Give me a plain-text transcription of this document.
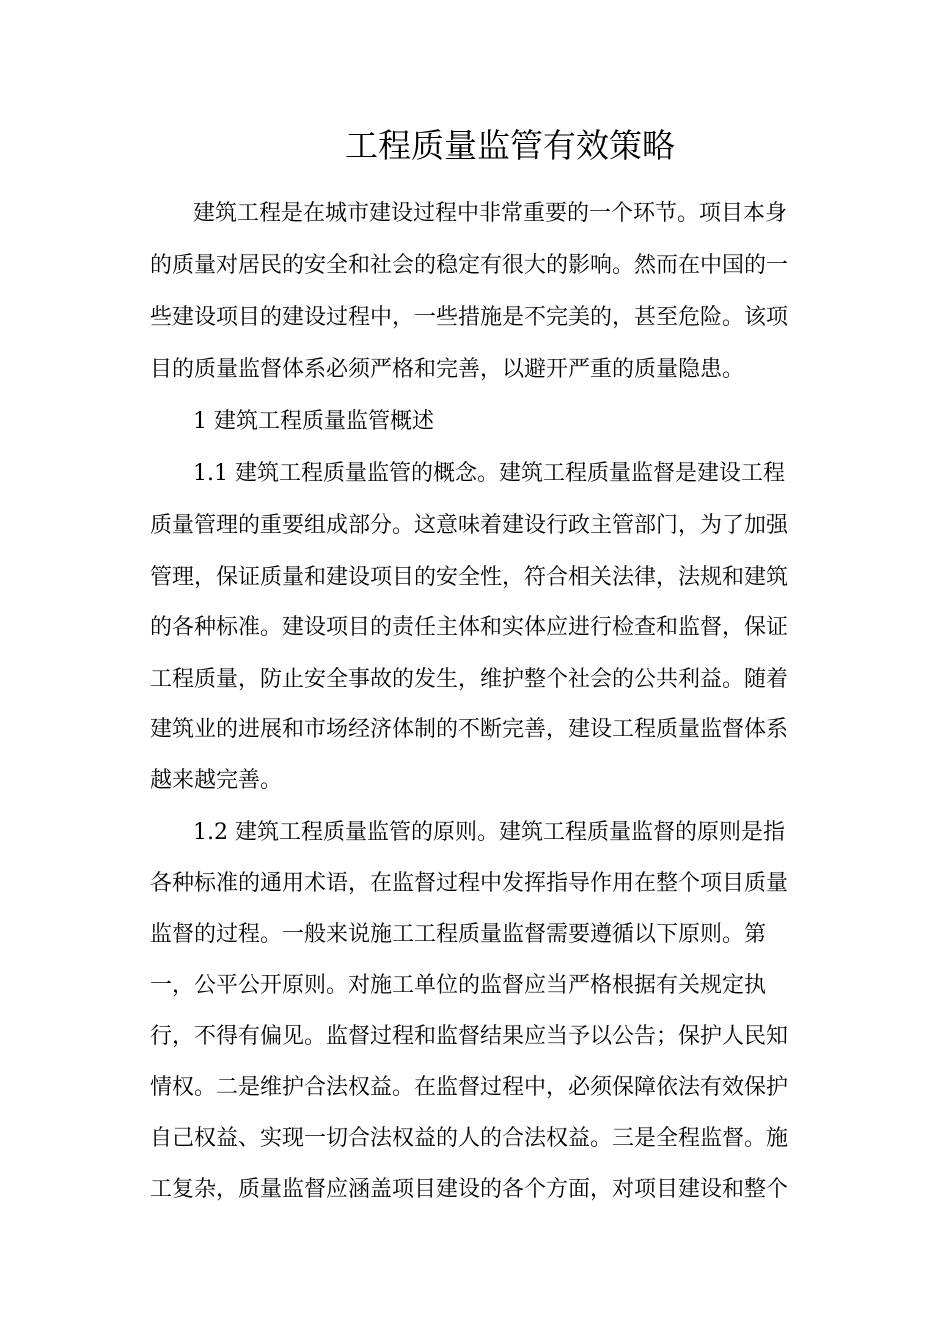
工程质量监管有效策略

建筑工程是在城市建设过程中非常重要的一个环节。项目本身

的质量对居民的安全和社会的稳定有很大的影响。然而在中国的一

些建设项目的建设过程中，一些措施是不完美的，甚至危险。该项

目的质量监督体系必须严格和完善，以避开严重的质量隐患。

1 建筑工程质量监管概述

1.1 建筑工程质量监管的概念。建筑工程质量监督是建设工程

质量管理的重要组成部分。这意味着建设行政主管部门，为了加强

管理，保证质量和建设项目的安全性，符合相关法律，法规和建筑

的各种标准。建设项目的责任主体和实体应进行检查和监督，保证

工程质量，防止安全事故的发生，维护整个社会的公共利益。随着

建筑业的进展和市场经济体制的不断完善，建设工程质量监督体系

越来越完善。

1.2 建筑工程质量监管的原则。建筑工程质量监督的原则是指

各种标准的通用术语，在监督过程中发挥指导作用在整个项目质量

监督的过程。一般来说施工工程质量监督需要遵循以下原则。第

一，公平公开原则。对施工单位的监督应当严格根据有关规定执

行，不得有偏见。监督过程和监督结果应当予以公告；保护人民知

情权。二是维护合法权益。在监督过程中，必须保障依法有效保护

自己权益、实现一切合法权益的人的合法权益。三是全程监督。施

工复杂，质量监督应涵盖项目建设的各个方面，对项目建设和整个
